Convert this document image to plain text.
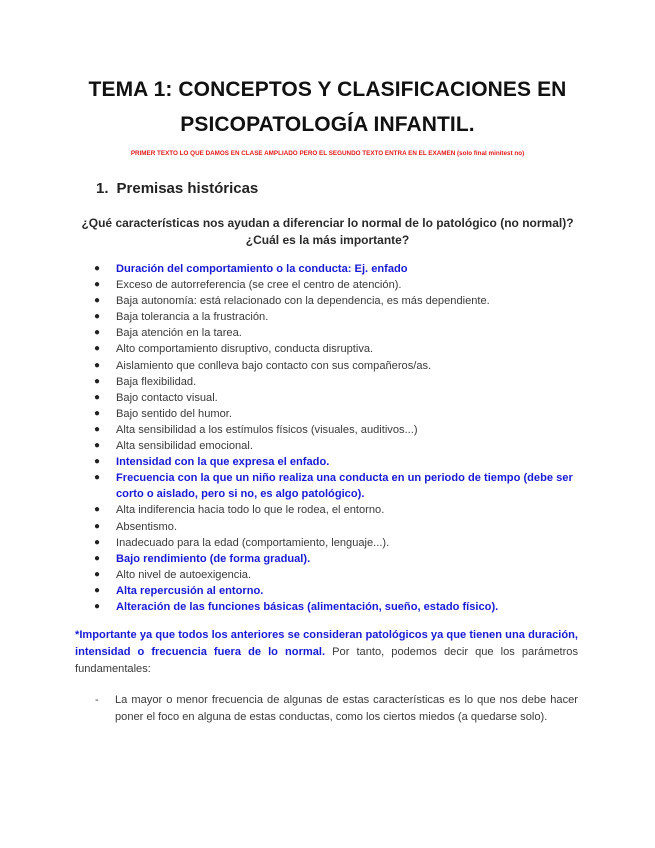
TEMA 1: CONCEPTOS Y CLASIFICACIONES EN
PSICOPATOLOGÍA INFANTIL.
PRIMER TEXTO LO QUE DAMOS EN CLASE AMPLIADO PERO EL SEGUNDO TEXTO ENTRA EN EL EXAMEN (solo final minitest no)
1. Premisas históricas

¿Qué características nos ayudan a diferenciar lo normal de lo patológico (no normal)? ¿Cuál es la más importante?

● Duración del comportamiento o la conducta: Ej. enfado
● Exceso de autorreferencia (se cree el centro de atención).
● Baja autonomía: está relacionado con la dependencia, es más dependiente.
● Baja tolerancia a la frustración.
● Baja atención en la tarea.
● Alto comportamiento disruptivo, conducta disruptiva.
● Aislamiento que conlleva bajo contacto con sus compañeros/as.
● Baja flexibilidad.
● Bajo contacto visual.
● Bajo sentido del humor.
● Alta sensibilidad a los estímulos físicos (visuales, auditivos...)
● Alta sensibilidad emocional.
● Intensidad con la que expresa el enfado.
● Frecuencia con la que un niño realiza una conducta en un periodo de tiempo (debe ser corto o aislado, pero si no, es algo patológico).
● Alta indiferencia hacia todo lo que le rodea, el entorno.
● Absentismo.
● Inadecuado para la edad (comportamiento, lenguaje...).
● Bajo rendimiento (de forma gradual).
● Alto nivel de autoexigencia.
● Alta repercusión al entorno.
● Alteración de las funciones básicas (alimentación, sueño, estado físico).

*Importante ya que todos los anteriores se consideran patológicos ya que tienen una duración, intensidad o frecuencia fuera de lo normal. Por tanto, podemos decir que los parámetros fundamentales:

-	La mayor o menor frecuencia de algunas de estas características es lo que nos debe hacer poner el foco en alguna de estas conductas, como los ciertos miedos (a quedarse solo).
